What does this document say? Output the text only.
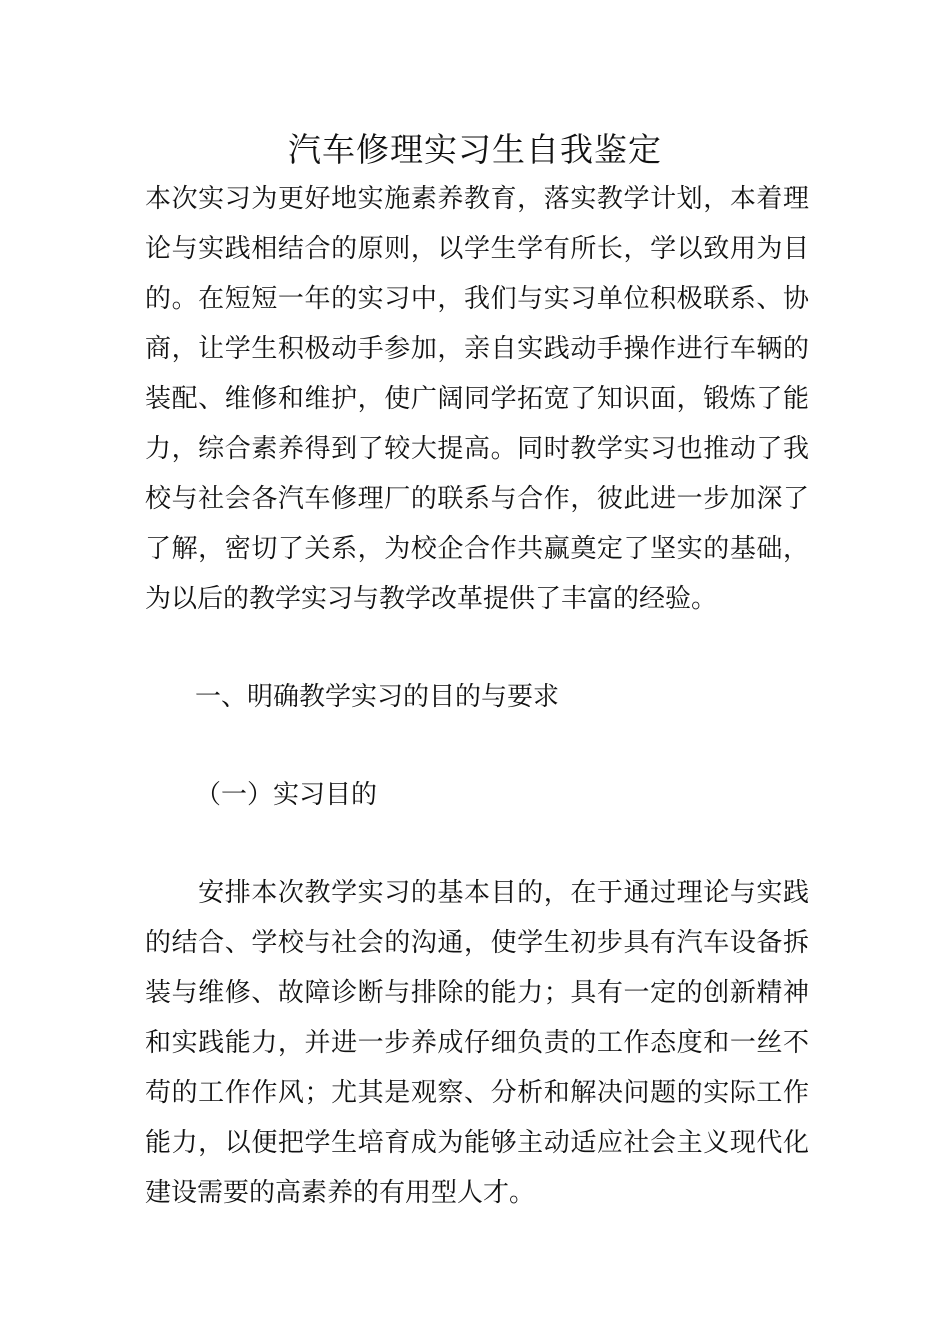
汽车修理实习生自我鉴定
本次实习为更好地实施素养教育，落实教学计划，本着理
论与实践相结合的原则，以学生学有所长，学以致用为目
的。在短短一年的实习中，我们与实习单位积极联系、协
商，让学生积极动手参加，亲自实践动手操作进行车辆的
装配、维修和维护，使广阔同学拓宽了知识面，锻炼了能
力，综合素养得到了较大提高。同时教学实习也推动了我
校与社会各汽车修理厂的联系与合作，彼此进一步加深了
了解，密切了关系，为校企合作共赢奠定了坚实的基础，
为以后的教学实习与教学改革提供了丰富的经验。
一、明确教学实习的目的与要求
（一）实习目的
　　安排本次教学实习的基本目的，在于通过理论与实践
的结合、学校与社会的沟通，使学生初步具有汽车设备拆
装与维修、故障诊断与排除的能力；具有一定的创新精神
和实践能力，并进一步养成仔细负责的工作态度和一丝不
苟的工作作风；尤其是观察、分析和解决问题的实际工作
能力，以便把学生培育成为能够主动适应社会主义现代化
建设需要的高素养的有用型人才。
